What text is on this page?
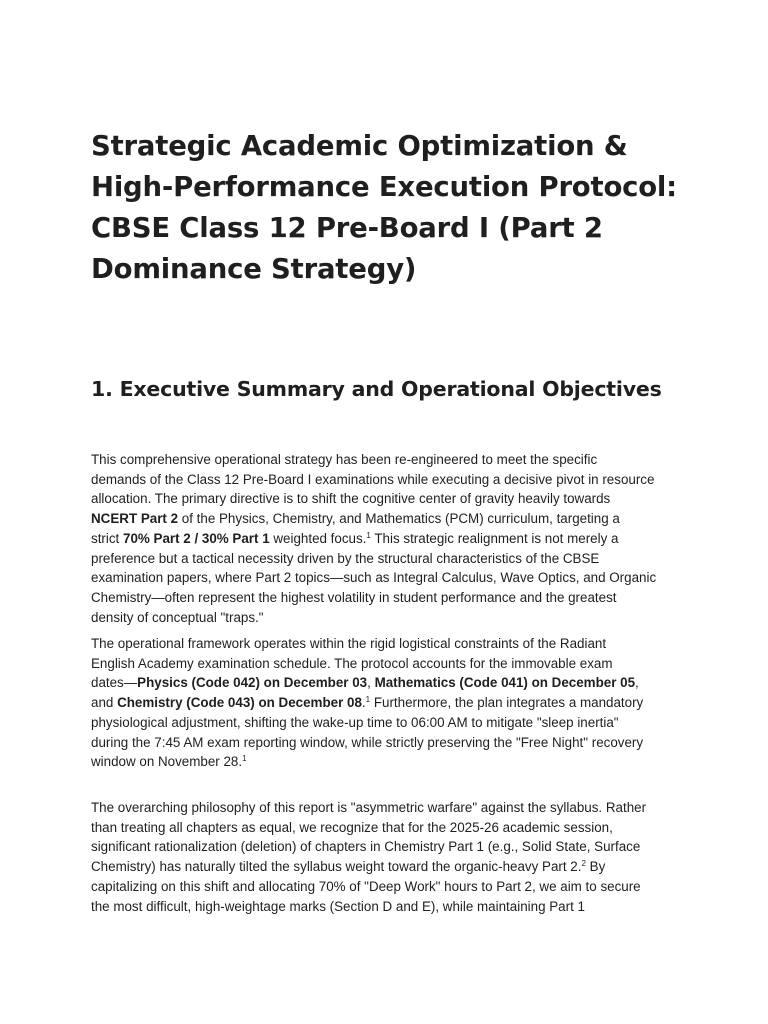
Strategic Academic Optimization &
High-Performance Execution Protocol:
CBSE Class 12 Pre-Board I (Part 2
Dominance Strategy)
1. Executive Summary and Operational Objectives

This comprehensive operational strategy has been re-engineered to meet the specific
demands of the Class 12 Pre-Board I examinations while executing a decisive pivot in resource
allocation. The primary directive is to shift the cognitive center of gravity heavily towards
NCERT Part 2 of the Physics, Chemistry, and Mathematics (PCM) curriculum, targeting a
strict 70% Part 2 / 30% Part 1 weighted focus.$^1$ This strategic realignment is not merely a
preference but a tactical necessity driven by the structural characteristics of the CBSE
examination papers, where Part 2 topics—such as Integral Calculus, Wave Optics, and Organic
Chemistry—often represent the highest volatility in student performance and the greatest
density of conceptual "traps."

The operational framework operates within the rigid logistical constraints of the Radiant
English Academy examination schedule. The protocol accounts for the immovable exam
dates—Physics (Code 042) on December 03, Mathematics (Code 041) on December 05,
and Chemistry (Code 043) on December 08.$^1$ Furthermore, the plan integrates a mandatory
physiological adjustment, shifting the wake-up time to 06:00 AM to mitigate "sleep inertia"
during the 7:45 AM exam reporting window, while strictly preserving the "Free Night" recovery
window on November 28.$^1$

The overarching philosophy of this report is "asymmetric warfare" against the syllabus. Rather
than treating all chapters as equal, we recognize that for the 2025-26 academic session,
significant rationalization (deletion) of chapters in Chemistry Part 1 (e.g., Solid State, Surface
Chemistry) has naturally tilted the syllabus weight toward the organic-heavy Part 2.$^2$ By
capitalizing on this shift and allocating 70% of "Deep Work" hours to Part 2, we aim to secure
the most difficult, high-weightage marks (Section D and E), while maintaining Part 1
